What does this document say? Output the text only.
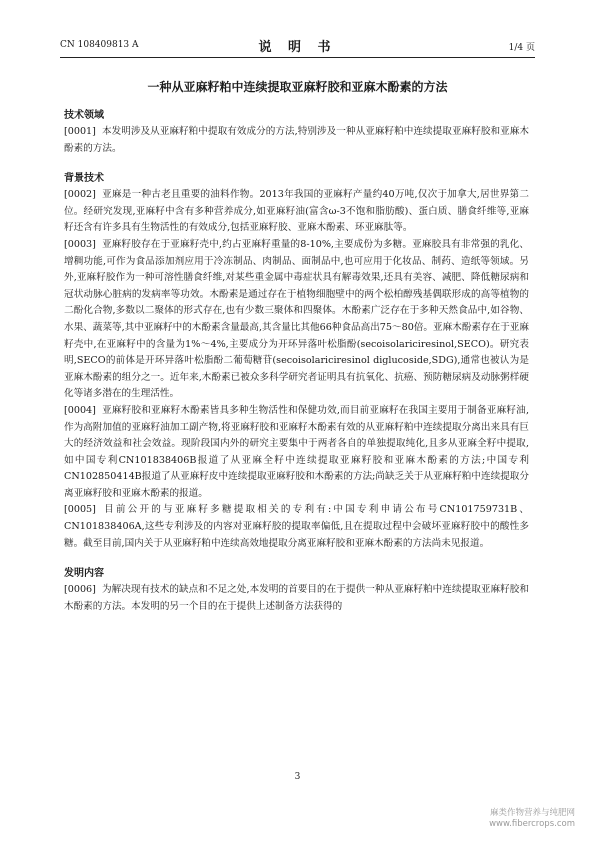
CN 108409813 A	说 明 书	1/4 页
一种从亚麻籽粕中连续提取亚麻籽胶和亚麻木酚素的方法
技术领域

[0001] 本发明涉及从亚麻籽粕中提取有效成分的方法,特别涉及一种从亚麻籽粕中连续提取亚麻籽胶和亚麻木酚素的方法。

背景技术

[0002] 亚麻是一种古老且重要的油料作物。2013年我国的亚麻籽产量约40万吨,仅次于加拿大,居世界第二位。经研究发现,亚麻籽中含有多种营养成分,如亚麻籽油(富含ω-3不饱和脂肪酸)、蛋白质、膳食纤维等,亚麻籽还含有许多具有生物活性的有效成分,包括亚麻籽胶、亚麻木酚素、环亚麻肽等。

[0003] 亚麻籽胶存在于亚麻籽壳中,约占亚麻籽重量的8-10%,主要成份为多糖。亚麻胶具有非常强的乳化、增稠功能,可作为食品添加剂应用于冷冻制品、肉制品、面制品中,也可应用于化妆品、制药、造纸等领域。另外,亚麻籽胶作为一种可溶性膳食纤维,对某些重金属中毒症状具有解毒效果,还具有美容、减肥、降低糖尿病和冠状动脉心脏病的发病率等功效。木酚素是通过存在于植物细胞壁中的两个松柏醇残基偶联形成的高等植物的二酚化合物,多数以二聚体的形式存在,也有少数三聚体和四聚体。木酚素广泛存在于多种天然食品中,如谷物、水果、蔬菜等,其中亚麻籽中的木酚素含量最高,其含量比其他66种食品高出75～80倍。亚麻木酚素存在于亚麻籽壳中,在亚麻籽中的含量为1%～4%,主要成分为开环异落叶松脂酚(secoisolariciresinol,SECO)。研究表明,SECO的前体是开环异落叶松脂酚二葡萄糖苷(secoisolariciresinol diglucoside,SDG),通常也被认为是亚麻木酚素的组分之一。近年来,木酚素已被众多科学研究者证明具有抗氧化、抗癌、预防糖尿病及动脉粥样硬化等诸多潜在的生理活性。

[0004] 亚麻籽胶和亚麻籽木酚素皆具多种生物活性和保健功效,而目前亚麻籽在我国主要用于制备亚麻籽油,作为高附加值的亚麻籽油加工副产物,将亚麻籽胶和亚麻籽木酚素有效的从亚麻籽粕中连续提取分离出来具有巨大的经济效益和社会效益。现阶段国内外的研究主要集中于两者各自的单独提取纯化,且多从亚麻全籽中提取,如中国专利CN101838406B报道了从亚麻全籽中连续提取亚麻籽胶和亚麻木酚素的方法;中国专利CN102850414B报道了从亚麻籽皮中连续提取亚麻籽胶和木酚素的方法;尚缺乏关于从亚麻籽粕中连续提取分离亚麻籽胶和亚麻木酚素的报道。

[0005] 目前公开的与亚麻籽多糖提取相关的专利有:中国专利申请公布号CN101759731B、CN101838406A,这些专利涉及的内容对亚麻籽胶的提取率偏低,且在提取过程中会破坏亚麻籽胶中的酸性多糖。截至目前,国内关于从亚麻籽粕中连续高效地提取分离亚麻籽胶和亚麻木酚素的方法尚未见报道。

发明内容

[0006] 为解决现有技术的缺点和不足之处,本发明的首要目的在于提供一种从亚麻籽粕中连续提取亚麻籽胶和木酚素的方法。本发明的另一个目的在于提供上述制备方法获得的

3
麻类作物营养与纯肥网
www.fibercrops.com
